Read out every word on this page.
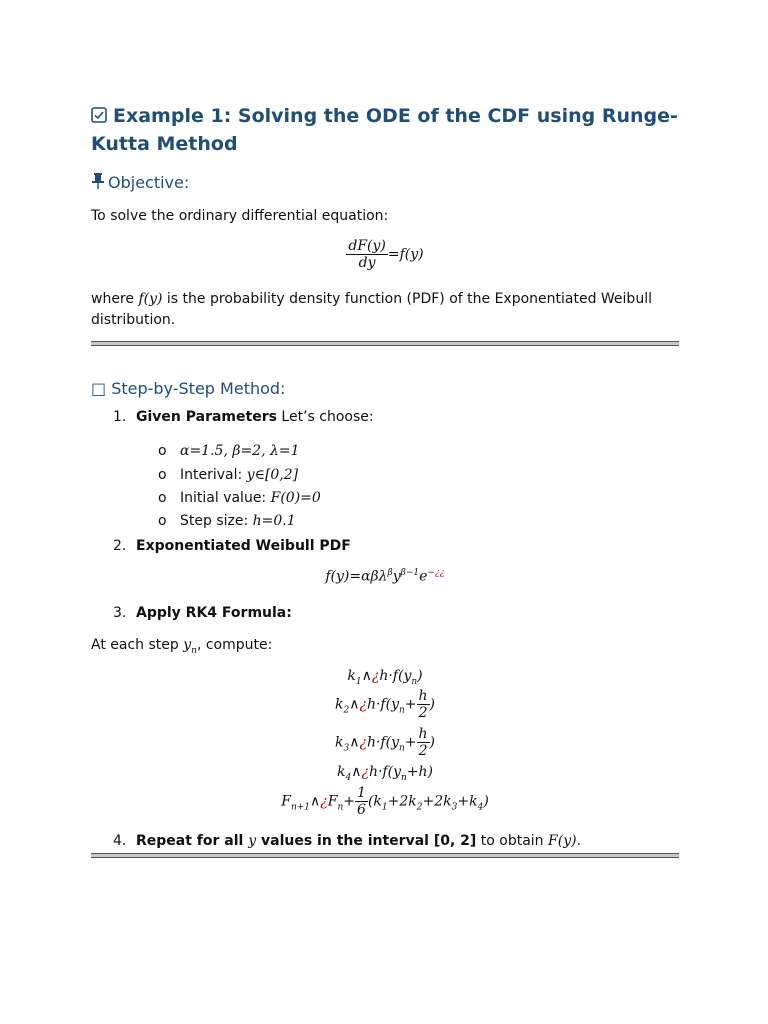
Example 1: Solving the ODE of the CDF using Runge-Kutta Method
Objective:

To solve the ordinary differential equation:

$\frac{dF(y)}{dy} =f(y)$

where f(y) is the probability density function (PDF) of the Exponentiated Weibull distribution.

□ Step-by-Step Method:
1. Given Parameters Let’s choose:
o α=1.5, β=2, λ=1
o Interival: y∈[0,2]
o Initial value: F(0)=0
o Step size: h=0.1
2. Exponentiated Weibull PDF
$f(y)=\alpha\beta\lambda^\beta y^{\beta-1}e^{-¿¿}$
3. Apply RK4 Formula:

At each step $y_n$, compute:

$k_1\wedge¿h\cdot f(y_n)$
$k_2\wedge¿h\cdot f(y_n+ \frac{h}{2}$ )
$k_3\wedge¿h\cdot f(y_n+ \frac{h}{2}$ )
$k_4\wedge¿h\cdot f(y_n+h)$
$F_{n+1}\wedge¿F_n+ \frac{1}{6} (k_1+2k_2+2k_3+k_4)$
4. Repeat for all y values in the interval [0, 2] to obtain F(y).
